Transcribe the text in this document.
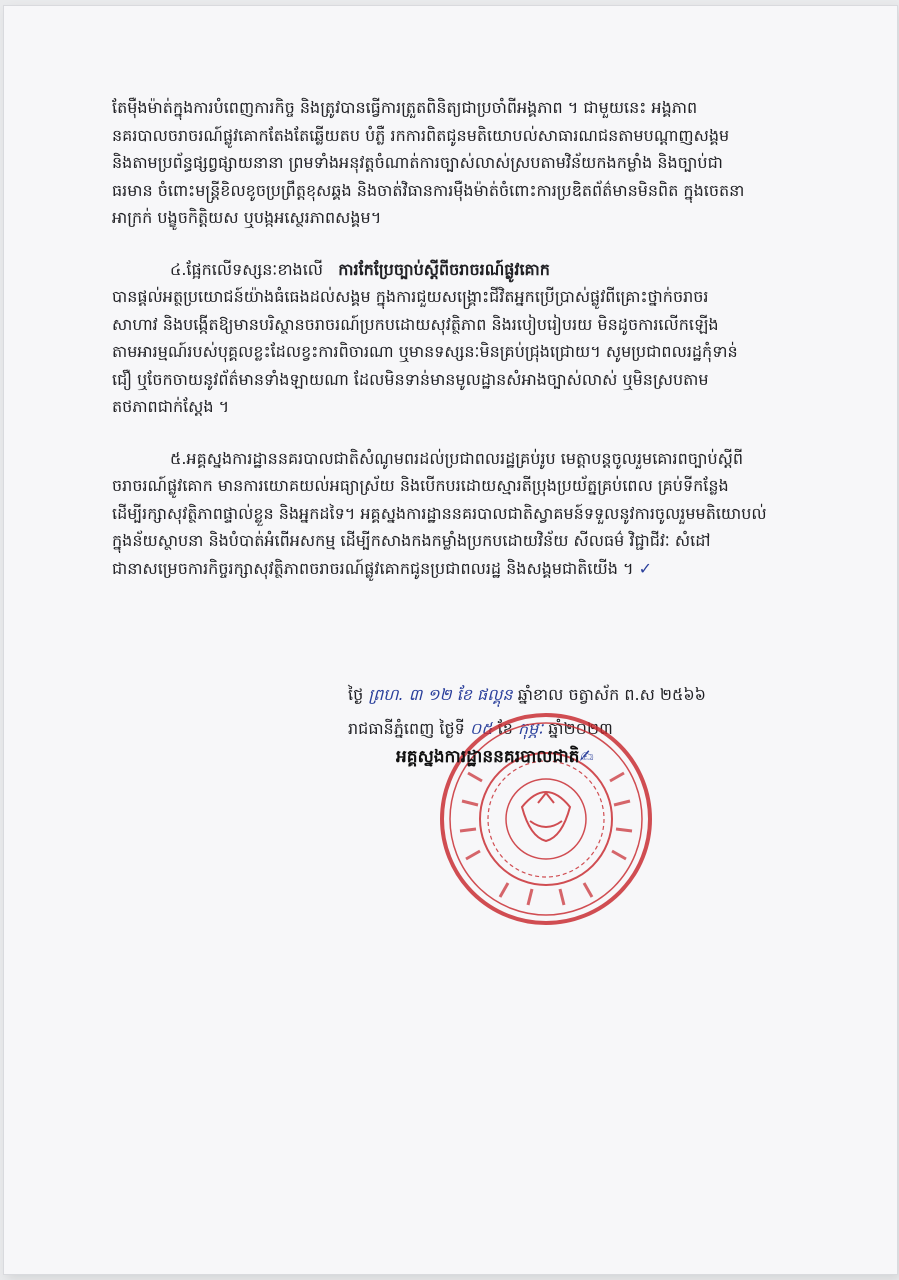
តែម៉ឺងម៉ាត់ក្នុងការបំពេញការកិច្ច និងត្រូវបានធ្វើការត្រួតពិនិត្យជាប្រចាំពីអង្គភាព ។ ជាមួយនេះ អង្គភាព
នគរបាលចរាចរណ៍ផ្លូវគោកតែងតែឆ្លើយតប បំភ្លឺ រកការពិតជូនមតិយោបល់សាធារណជនតាមបណ្តាញសង្គម
និងតាមប្រព័ន្ធផ្សព្វផ្សាយនានា ព្រមទាំងអនុវត្តចំណាត់ការច្បាស់លាស់ស្របតាមវិន័យកងកម្លាំង និងច្បាប់ជា
ធរមាន ចំពោះមន្ត្រីខិលខូចប្រព្រឹត្តខុសឆ្គង និងចាត់វិធានការម៉ឺងម៉ាត់ចំពោះការប្រឌិតព័ត៌មានមិនពិត ក្នុងចេតនា
អាក្រក់ បង្ខូចកិត្តិយស ឬបង្កអស្ថេរភាពសង្គម។

៤.ផ្អែកលើទស្សនៈខាងលើ ការកែប្រែច្បាប់ស្តីពីចរាចរណ៍ផ្លូវគោក
បានផ្តល់អត្ថប្រយោជន៍យ៉ាងធំធេងដល់សង្គម ក្នុងការជួយសង្គ្រោះជីវិតអ្នកប្រើប្រាស់ផ្លូវពីគ្រោះថ្នាក់ចរាចរ
សាហាវ និងបង្កើតឱ្យមានបរិស្ថានចរាចរណ៍ប្រកបដោយសុវត្ថិភាព និងរបៀបរៀបរយ មិនដូចការលើកឡើង
តាមអារម្មណ៍របស់បុគ្គលខ្លះដែលខ្វះការពិចារណា ឬមានទស្សនៈមិនគ្រប់ជ្រុងជ្រោយ។ សូមប្រជាពលរដ្ឋកុំទាន់
ជឿ ឬចែកចាយនូវព័ត៌មានទាំងឡាយណា ដែលមិនទាន់មានមូលដ្ឋានសំអាងច្បាស់លាស់ ឬមិនស្របតាម
តថភាពជាក់ស្តែង ។

៥.អគ្គស្នងការដ្ឋាននគរបាលជាតិសំណូមពរដល់ប្រជាពលរដ្ឋគ្រប់រូប មេត្តាបន្តចូលរួមគោរពច្បាប់ស្តីពី
ចរាចរណ៍ផ្លូវគោក មានការយោគយល់អធ្យាស្រ័យ និងបើកបរដោយស្មារតីប្រុងប្រយ័ត្នគ្រប់ពេល គ្រប់ទីកន្លែង
ដើម្បីរក្សាសុវត្ថិភាពផ្ទាល់ខ្លួន និងអ្នកដទៃ។ អគ្គស្នងការដ្ឋាននគរបាលជាតិស្វាគមន៍ទទួលនូវការចូលរួមមតិយោបល់
ក្នុងន័យស្ថាបនា និងបំបាត់អំពើអសកម្ម ដើម្បីកសាងកងកម្លាំងប្រកបដោយវិន័យ សីលធម៌ វិជ្ជាជីវៈ សំដៅ
ជានាសម្រេចការកិច្ចរក្សាសុវត្ថិភាពចរាចរណ៍ផ្លូវគោកជូនប្រជាពលរដ្ឋ និងសង្គមជាតិយើង ។ ✓

ថ្ងៃ ព្រហ. ៣ ១២ ខែ ផល្គុន ឆ្នាំខាល ចត្វាស័ក ព.ស ២៥៦៦
រាជធានីភ្នំពេញ ថ្ងៃទី ០៥ ខែ កុម្ភៈ ឆ្នាំ២០២៣
អគ្គស្នងការដ្ឋាននគរបាលជាតិ✍
